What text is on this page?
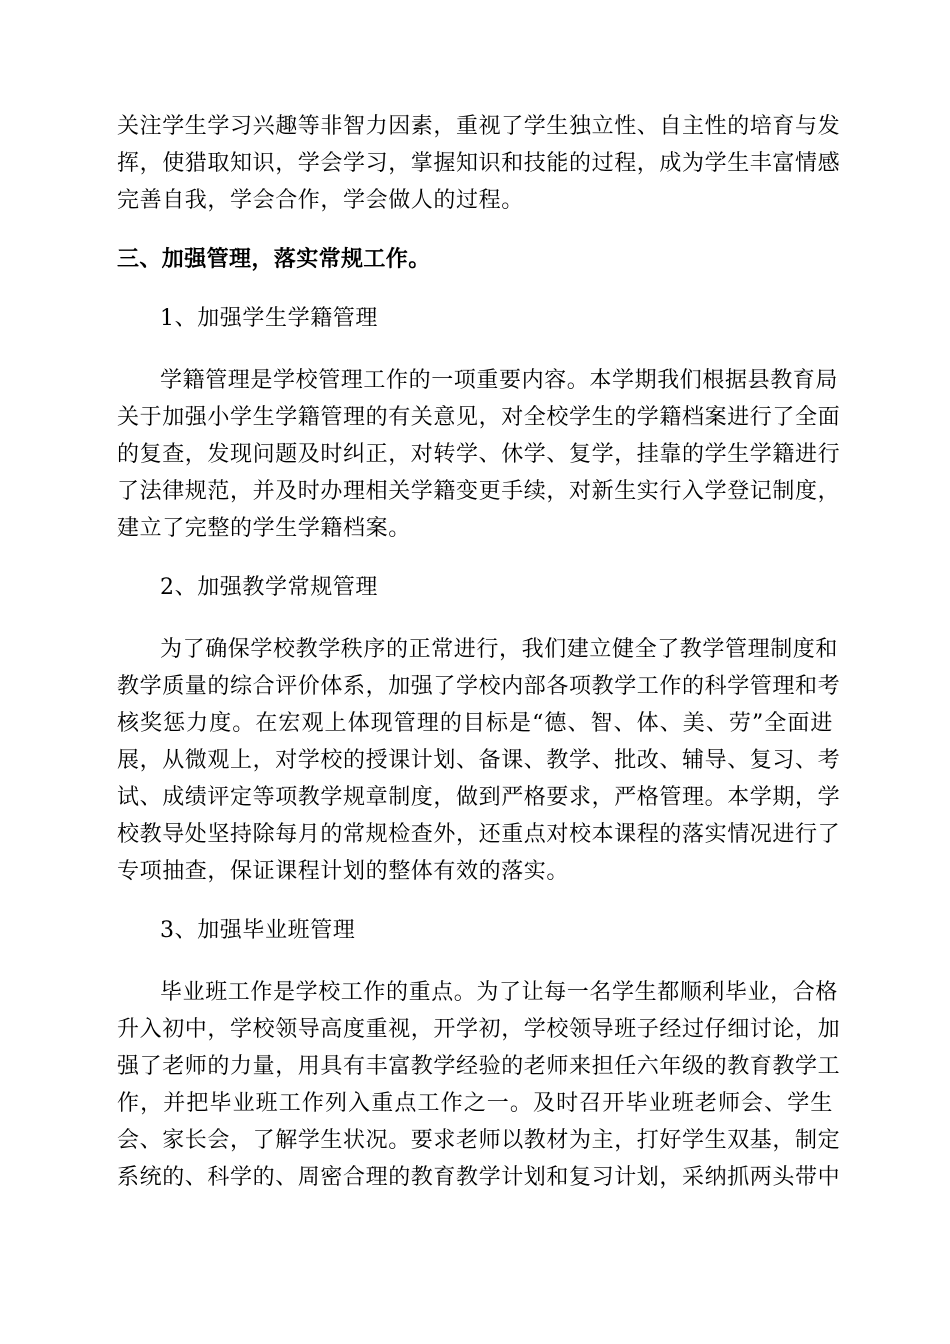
关注学生学习兴趣等非智力因素，重视了学生独立性、自主性的培育与发
挥，使猎取知识，学会学习，掌握知识和技能的过程，成为学生丰富情感
完善自我，学会合作，学会做人的过程。
三、加强管理，落实常规工作。
1、加强学生学籍管理
学籍管理是学校管理工作的一项重要内容。本学期我们根据县教育局
关于加强小学生学籍管理的有关意见，对全校学生的学籍档案进行了全面
的复查，发现问题及时纠正，对转学、休学、复学，挂靠的学生学籍进行
了法律规范，并及时办理相关学籍变更手续，对新生实行入学登记制度，
建立了完整的学生学籍档案。
2、加强教学常规管理
为了确保学校教学秩序的正常进行，我们建立健全了教学管理制度和
教学质量的综合评价体系，加强了学校内部各项教学工作的科学管理和考
核奖惩力度。在宏观上体现管理的目标是“德、智、体、美、劳”全面进
展，从微观上，对学校的授课计划、备课、教学、批改、辅导、复习、考
试、成绩评定等项教学规章制度，做到严格要求，严格管理。本学期，学
校教导处坚持除每月的常规检查外，还重点对校本课程的落实情况进行了
专项抽查，保证课程计划的整体有效的落实。
3、加强毕业班管理
毕业班工作是学校工作的重点。为了让每一名学生都顺利毕业，合格
升入初中，学校领导高度重视，开学初，学校领导班子经过仔细讨论，加
强了老师的力量，用具有丰富教学经验的老师来担任六年级的教育教学工
作，并把毕业班工作列入重点工作之一。及时召开毕业班老师会、学生
会、家长会，了解学生状况。要求老师以教材为主，打好学生双基，制定
系统的、科学的、周密合理的教育教学计划和复习计划，采纳抓两头带中
